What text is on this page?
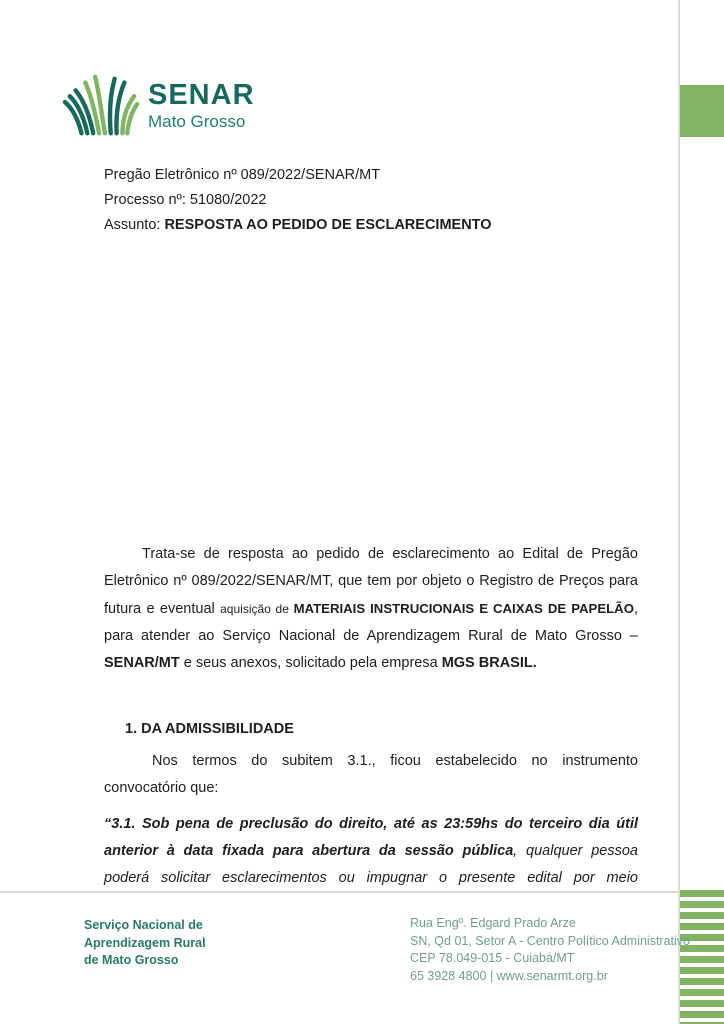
SENAR
Mato Grosso
Pregão Eletrônico nº 089/2022/SENAR/MT
Processo nº: 51080/2022
Assunto: RESPOSTA AO PEDIDO DE ESCLARECIMENTO
Trata-se de resposta ao pedido de esclarecimento ao Edital de Pregão Eletrônico nº 089/2022/SENAR/MT, que tem por objeto o Registro de Preços para futura e eventual aquisição de MATERIAIS INSTRUCIONAIS E CAIXAS DE PAPELÃO, para atender ao Serviço Nacional de Aprendizagem Rural de Mato Grosso – SENAR/MT e seus anexos, solicitado pela empresa MGS BRASIL.
1. DA ADMISSIBILIDADE
Nos termos do subitem 3.1., ficou estabelecido no instrumento convocatório que:
“3.1. Sob pena de preclusão do direito, até as 23:59hs do terceiro dia útil anterior à data fixada para abertura da sessão pública, qualquer pessoa poderá solicitar esclarecimentos ou impugnar o presente edital por meio
Serviço Nacional de
Aprendizagem Rural
de Mato Grosso
Rua Engº. Edgard Prado Arze
SN, Qd 01, Setor A - Centro Político Administrativo
CEP 78.049-015 - Cuiabá/MT
65 3928 4800 | www.senarmt.org.br
